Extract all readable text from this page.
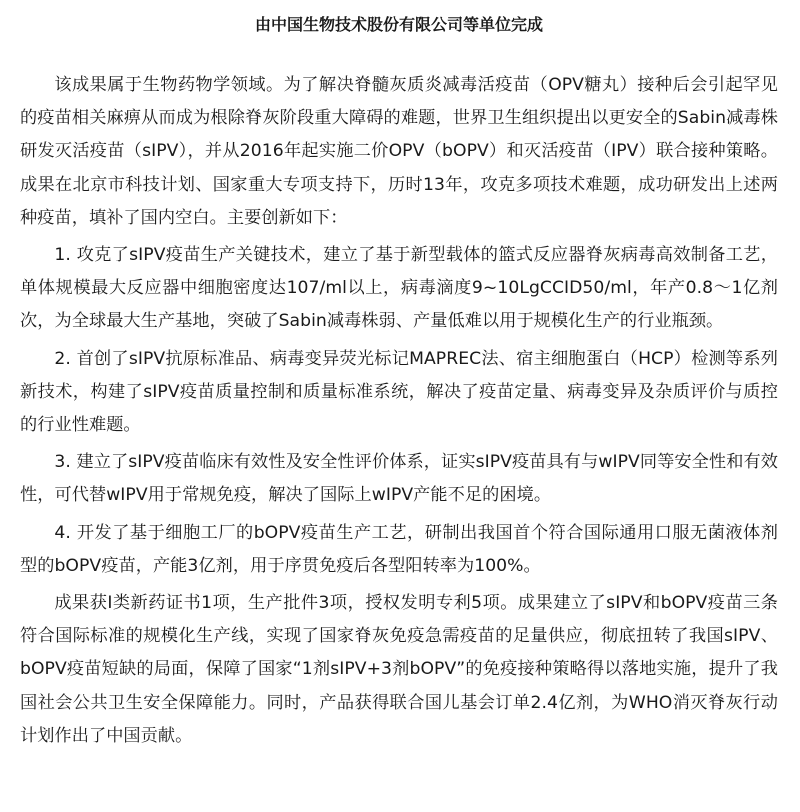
由中国生物技术股份有限公司等单位完成

该成果属于生物药物学领域。为了解决脊髓灰质炎减毒活疫苗（OPV糖丸）接种后会引起罕见的疫苗相关麻痹从而成为根除脊灰阶段重大障碍的难题，世界卫生组织提出以更安全的Sabin减毒株研发灭活疫苗（sIPV），并从2016年起实施二价OPV（bOPV）和灭活疫苗（IPV）联合接种策略。成果在北京市科技计划、国家重大专项支持下，历时13年，攻克多项技术难题，成功研发出上述两种疫苗，填补了国内空白。主要创新如下：

1. 攻克了sIPV疫苗生产关键技术，建立了基于新型载体的篮式反应器脊灰病毒高效制备工艺，单体规模最大反应器中细胞密度达107/ml以上，病毒滴度9~10LgCCID50/ml，年产0.8～1亿剂次，为全球最大生产基地，突破了Sabin减毒株弱、产量低难以用于规模化生产的行业瓶颈。

2. 首创了sIPV抗原标准品、病毒变异荧光标记MAPREC法、宿主细胞蛋白（HCP）检测等系列新技术，构建了sIPV疫苗质量控制和质量标准系统，解决了疫苗定量、病毒变异及杂质评价与质控的行业性难题。

3. 建立了sIPV疫苗临床有效性及安全性评价体系，证实sIPV疫苗具有与wIPV同等安全性和有效性，可代替wIPV用于常规免疫，解决了国际上wIPV产能不足的困境。

4. 开发了基于细胞工厂的bOPV疫苗生产工艺，研制出我国首个符合国际通用口服无菌液体剂型的bOPV疫苗，产能3亿剂，用于序贯免疫后各型阳转率为100%。

成果获I类新药证书1项，生产批件3项，授权发明专利5项。成果建立了sIPV和bOPV疫苗三条符合国际标准的规模化生产线，实现了国家脊灰免疫急需疫苗的足量供应，彻底扭转了我国sIPV、bOPV疫苗短缺的局面，保障了国家“1剂sIPV+3剂bOPV”的免疫接种策略得以落地实施，提升了我国社会公共卫生安全保障能力。同时，产品获得联合国儿基会订单2.4亿剂，为WHO消灭脊灰行动计划作出了中国贡献。
